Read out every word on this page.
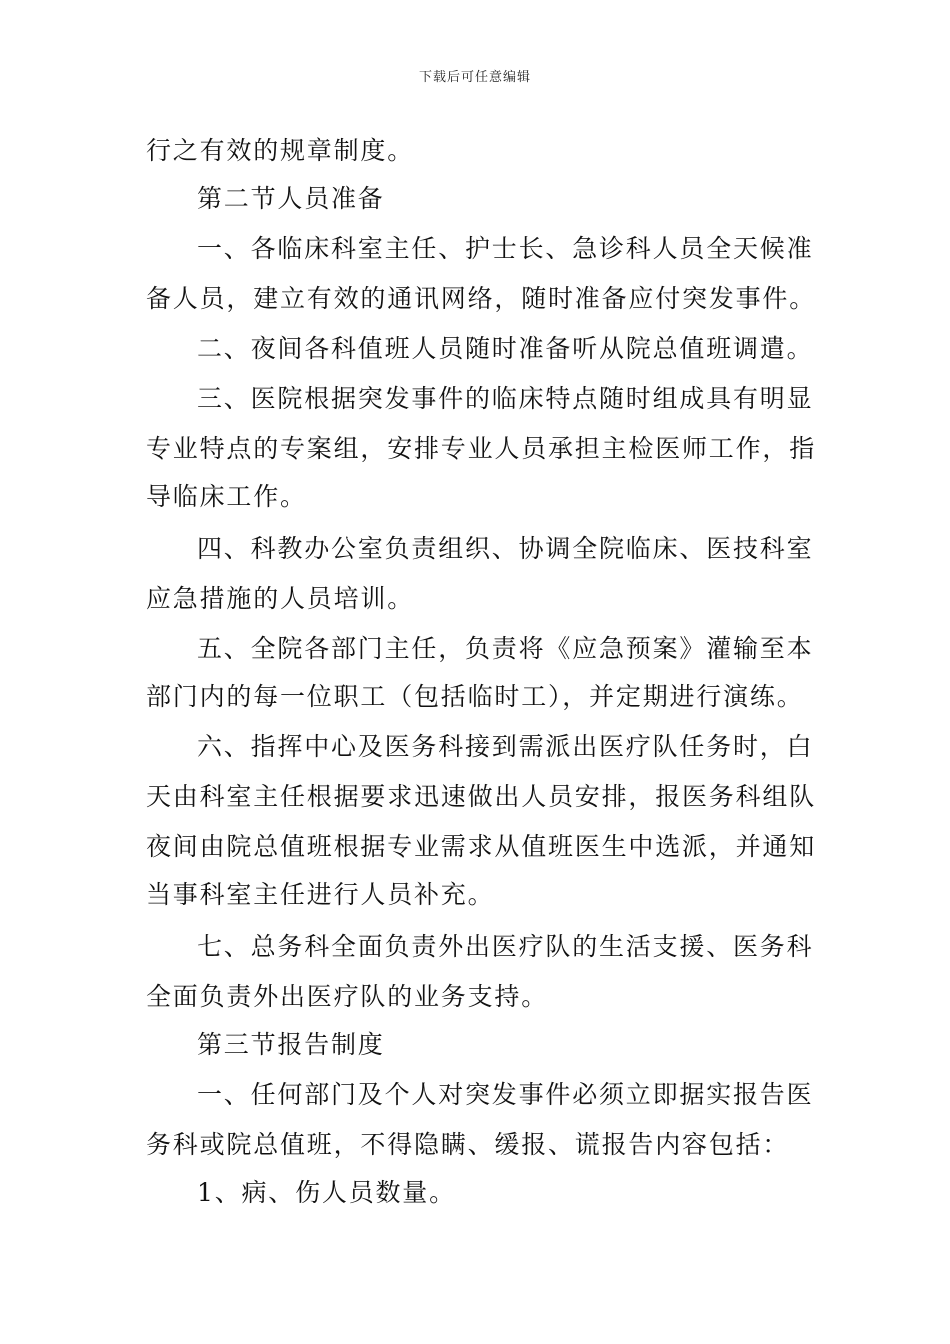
下载后可任意编辑
行之有效的规章制度。
第二节人员准备
一、各临床科室主任、护士长、急诊科人员全天候准
备人员，建立有效的通讯网络，随时准备应付突发事件。
二、夜间各科值班人员随时准备听从院总值班调遣。
三、医院根据突发事件的临床特点随时组成具有明显
专业特点的专案组，安排专业人员承担主检医师工作，指
导临床工作。
四、科教办公室负责组织、协调全院临床、医技科室
应急措施的人员培训。
五、全院各部门主任，负责将《应急预案》灌输至本
部门内的每一位职工（包括临时工），并定期进行演练。
六、指挥中心及医务科接到需派出医疗队任务时，白
天由科室主任根据要求迅速做出人员安排，报医务科组队
夜间由院总值班根据专业需求从值班医生中选派，并通知
当事科室主任进行人员补充。
七、总务科全面负责外出医疗队的生活支援、医务科
全面负责外出医疗队的业务支持。
第三节报告制度
一、任何部门及个人对突发事件必须立即据实报告医
务科或院总值班，不得隐瞒、缓报、谎报告内容包括：
1、病、伤人员数量。
